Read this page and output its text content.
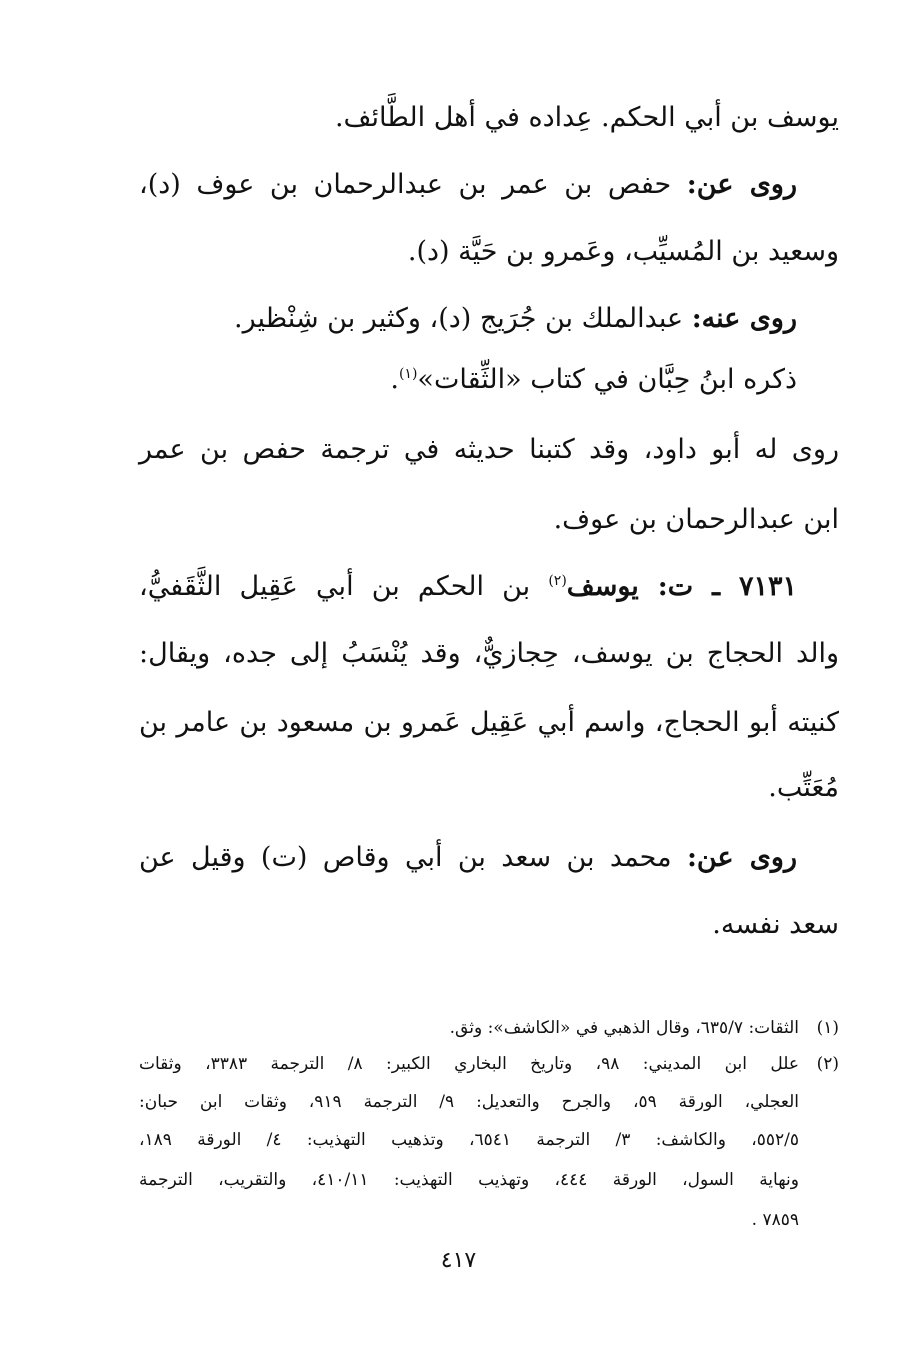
يوسف بن أبي الحكم. عِداده في أهل الطَّائف.
روى عن: حفص بن عمر بن عبدالرحمان بن عوف (د)،
وسعيد بن المُسيِّب، وعَمرو بن حَيَّة (د).
روى عنه: عبدالملك بن جُرَيج (د)، وكثير بن شِنْظير.
ذكره ابنُ حِبَّان في كتاب «الثِّقات»$^{(١)}$.
روى له أبو داود، وقد كتبنا حديثه في ترجمة حفص بن عمر
ابن عبدالرحمان بن عوف.
٧١٣١ ـ ت: يوسف$^{(٢)}$ بن الحكم بن أبي عَقِيل الثَّقَفيُّ،
والد الحجاج بن يوسف، حِجازيٌّ، وقد يُنْسَبُ إلى جده، ويقال:
كنيته أبو الحجاج، واسم أبي عَقِيل عَمرو بن مسعود بن عامر بن
مُعَتِّب.
روى عن: محمد بن سعد بن أبي وقاص (ت) وقيل عن
سعد نفسه.
(١)
الثقات: ٦٣٥/٧، وقال الذهبي في «الكاشف»: وثق.
(٢)
علل ابن المديني: ٩٨، وتاريخ البخاري الكبير: ٨/ الترجمة ٣٣٨٣، وثقات
العجلي، الورقة ٥٩، والجرح والتعديل: ٩/ الترجمة ٩١٩، وثقات ابن حبان:
٥٥٢/٥، والكاشف: ٣/ الترجمة ٦٥٤١، وتذهيب التهذيب: ٤/ الورقة ١٨٩،
ونهاية السول، الورقة ٤٤٤، وتهذيب التهذيب: ٤١٠/١١، والتقريب، الترجمة
٧٨٥٩ .
٤١٧
